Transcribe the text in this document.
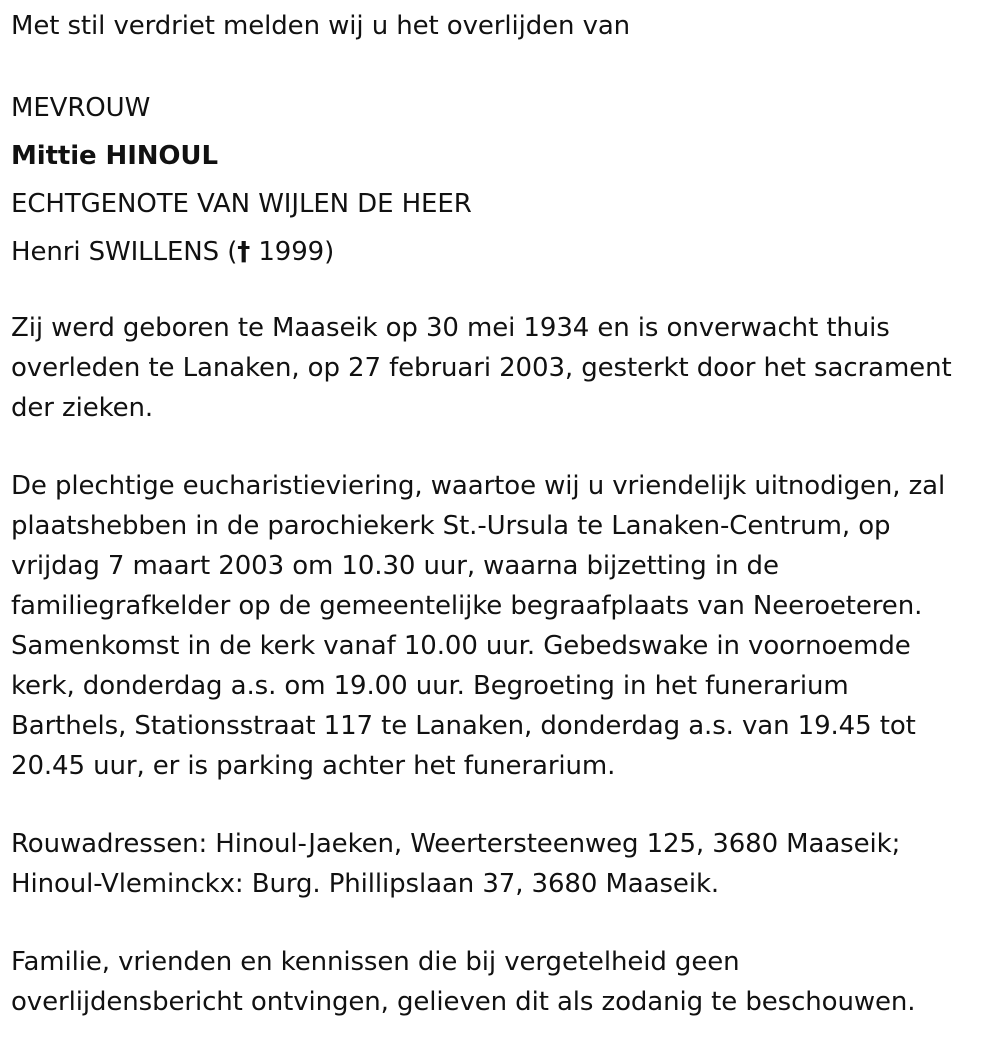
Met stil verdriet melden wij u het overlijden van

MEVROUW

Mittie HINOUL

ECHTGENOTE VAN WIJLEN DE HEER

Henri SWILLENS († 1999)

Zij werd geboren te Maaseik op 30 mei 1934 en is onverwacht thuis

overleden te Lanaken, op 27 februari 2003, gesterkt door het sacrament

der zieken.

De plechtige eucharistieviering, waartoe wij u vriendelijk uitnodigen, zal

plaatshebben in de parochiekerk St.-Ursula te Lanaken-Centrum, op

vrijdag 7 maart 2003 om 10.30 uur, waarna bijzetting in de

familiegrafkelder op de gemeentelijke begraafplaats van Neeroeteren.

Samenkomst in de kerk vanaf 10.00 uur. Gebedswake in voornoemde

kerk, donderdag a.s. om 19.00 uur. Begroeting in het funerarium

Barthels, Stationsstraat 117 te Lanaken, donderdag a.s. van 19.45 tot

20.45 uur, er is parking achter het funerarium.

Rouwadressen: Hinoul-Jaeken, Weertersteenweg 125, 3680 Maaseik;

Hinoul-Vleminckx: Burg. Phillipslaan 37, 3680 Maaseik.

Familie, vrienden en kennissen die bij vergetelheid geen

overlijdensbericht ontvingen, gelieven dit als zodanig te beschouwen.
